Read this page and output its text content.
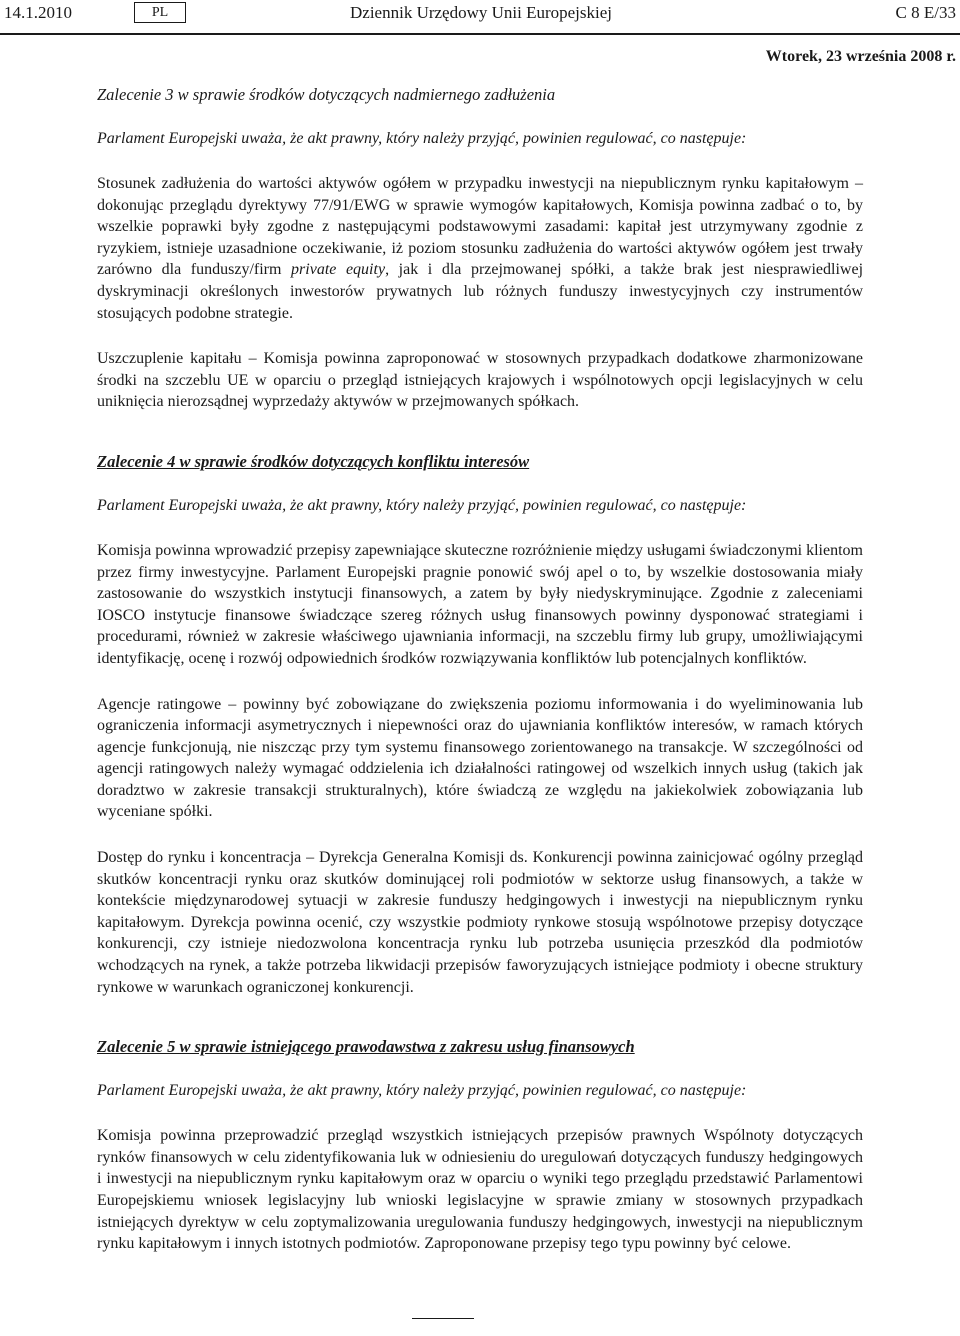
14.1.2010	PL	Dziennik Urzędowy Unii Europejskiej	C 8 E/33
Wtorek, 23 września 2008 r.

Zalecenie 3 w sprawie środków dotyczących nadmiernego zadłużenia

Parlament Europejski uważa, że akt prawny, który należy przyjąć, powinien regulować, co następuje:

Stosunek zadłużenia do wartości aktywów ogółem w przypadku inwestycji na niepublicznym rynku kapitałowym – dokonując przeglądu dyrektywy 77/91/EWG w sprawie wymogów kapitałowych, Komisja powinna zadbać o to, by wszelkie poprawki były zgodne z następującymi podstawowymi zasadami: kapitał jest utrzymywany zgodnie z ryzykiem, istnieje uzasadnione oczekiwanie, iż poziom stosunku zadłużenia do wartości aktywów ogółem jest trwały zarówno dla funduszy/firm private equity, jak i dla przejmowanej spółki, a także brak jest niesprawiedliwej dyskryminacji określonych inwestorów prywatnych lub różnych funduszy inwestycyjnych czy instrumentów stosujących podobne strategie.

Uszczuplenie kapitału – Komisja powinna zaproponować w stosownych przypadkach dodatkowe zharmonizowane środki na szczeblu UE w oparciu o przegląd istniejących krajowych i wspólnotowych opcji legislacyjnych w celu uniknięcia nierozsądnej wyprzedaży aktywów w przejmowanych spółkach.

Zalecenie 4 w sprawie środków dotyczących konfliktu interesów

Parlament Europejski uważa, że akt prawny, który należy przyjąć, powinien regulować, co następuje:

Komisja powinna wprowadzić przepisy zapewniające skuteczne rozróżnienie między usługami świadczonymi klientom przez firmy inwestycyjne. Parlament Europejski pragnie ponowić swój apel o to, by wszelkie dostosowania miały zastosowanie do wszystkich instytucji finansowych, a zatem by były niedyskryminujące. Zgodnie z zaleceniami IOSCO instytucje finansowe świadczące szereg różnych usług finansowych powinny dysponować strategiami i procedurami, również w zakresie właściwego ujawniania informacji, na szczeblu firmy lub grupy, umożliwiającymi identyfikację, ocenę i rozwój odpowiednich środków rozwiązywania konfliktów lub potencjalnych konfliktów.

Agencje ratingowe – powinny być zobowiązane do zwiększenia poziomu informowania i do wyeliminowania lub ograniczenia informacji asymetrycznych i niepewności oraz do ujawniania konfliktów interesów, w ramach których agencje funkcjonują, nie niszcząc przy tym systemu finansowego zorientowanego na transakcje. W szczególności od agencji ratingowych należy wymagać oddzielenia ich działalności ratingowej od wszelkich innych usług (takich jak doradztwo w zakresie transakcji strukturalnych), które świadczą ze względu na jakiekolwiek zobowiązania lub wyceniane spółki.

Dostęp do rynku i koncentracja – Dyrekcja Generalna Komisji ds. Konkurencji powinna zainicjować ogólny przegląd skutków koncentracji rynku oraz skutków dominującej roli podmiotów w sektorze usług finansowych, a także w kontekście międzynarodowej sytuacji w zakresie funduszy hedgingowych i inwestycji na niepublicznym rynku kapitałowym. Dyrekcja powinna ocenić, czy wszystkie podmioty rynkowe stosują wspólnotowe przepisy dotyczące konkurencji, czy istnieje niedozwolona koncentracja rynku lub potrzeba usunięcia przeszkód dla podmiotów wchodzących na rynek, a także potrzeba likwidacji przepisów faworyzujących istniejące podmioty i obecne struktury rynkowe w warunkach ograniczonej konkurencji.

Zalecenie 5 w sprawie istniejącego prawodawstwa z zakresu usług finansowych

Parlament Europejski uważa, że akt prawny, który należy przyjąć, powinien regulować, co następuje:

Komisja powinna przeprowadzić przegląd wszystkich istniejących przepisów prawnych Wspólnoty dotyczących rynków finansowych w celu zidentyfikowania luk w odniesieniu do uregulowań dotyczących funduszy hedgingowych i inwestycji na niepublicznym rynku kapitałowym oraz w oparciu o wyniki tego przeglądu przedstawić Parlamentowi Europejskiemu wniosek legislacyjny lub wnioski legislacyjne w sprawie zmiany w stosownych przypadkach istniejących dyrektyw w celu zoptymalizowania uregulowania funduszy hedgingowych, inwestycji na niepublicznym rynku kapitałowym i innych istotnych podmiotów. Zaproponowane przepisy tego typu powinny być celowe.
